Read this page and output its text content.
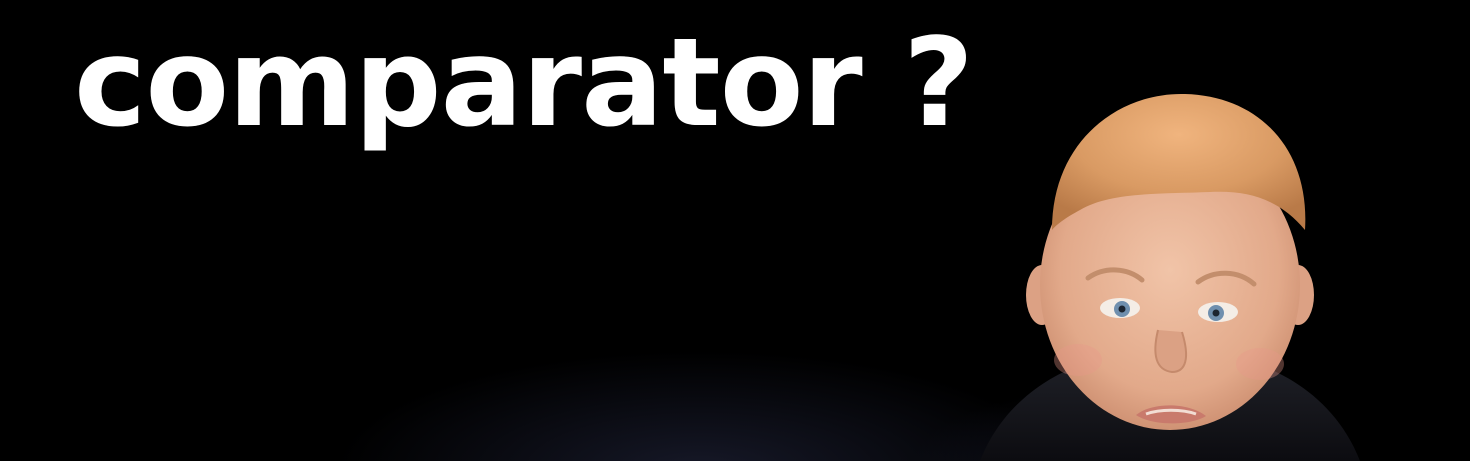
comparator ?
